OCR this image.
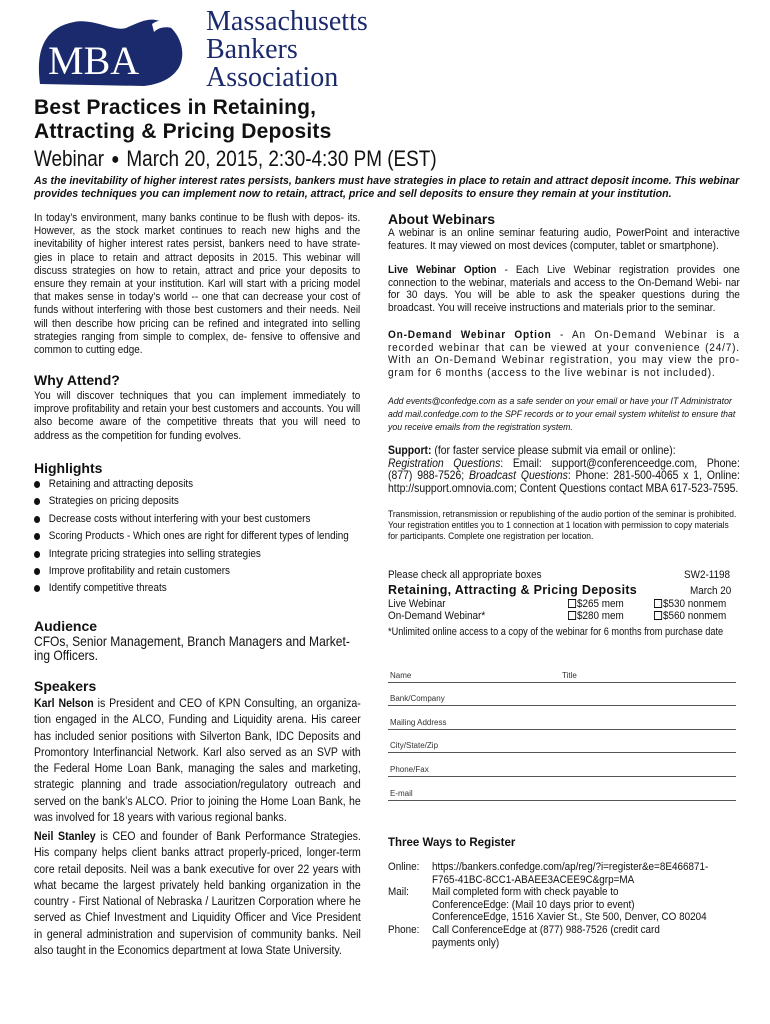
MBA
Massachusetts
Bankers
Association
Best Practices in Retaining,
Attracting & Pricing Deposits
Webinar ● March 20, 2015, 2:30-4:30 PM (EST)
As the inevitability of higher interest rates persists, bankers must have strategies in place to retain and attract deposit income. This webinar provides techniques you can implement now to retain, attract, price and sell deposits to ensure they remain at your institution.
In today’s environment, many banks continue to be flush with depos- its. However, as the stock market continues to reach new highs and the inevitability of higher interest rates persist, bankers need to have strate- gies in place to retain and attract deposits in 2015. This webinar will discuss strategies on how to retain, attract and price your deposits to ensure they remain at your institution. Karl will start with a pricing model that makes sense in today’s world -- one that can decrease your cost of funds without interfering with those best customers and their needs. Neil will then describe how pricing can be refined and integrated into selling strategies ranging from simple to complex, de- fensive to offensive and common to cutting edge.
Why Attend?
You will discover techniques that you can implement immediately to improve profitability and retain your best customers and accounts. You will also become aware of the competitive threats that you will need to address as the competition for funding evolves.
Highlights
Retaining and attracting deposits
Strategies on pricing deposits
Decrease costs without interfering with your best customers
Scoring Products - Which ones are right for different types of lending
Integrate pricing strategies into selling strategies
Improve profitability and retain customers
Identify competitive threats
Audience
CFOs, Senior Management, Branch Managers and Market- ing Officers.
Speakers
Karl Nelson is President and CEO of KPN Consulting, an organiza- tion engaged in the ALCO, Funding and Liquidity arena. His career has included senior positions with Silverton Bank, IDC Deposits and Promontory Interfinancial Network. Karl also served as an SVP with the Federal Home Loan Bank, managing the sales and marketing, strategic planning and trade association/regulatory outreach and served on the bank’s ALCO. Prior to joining the Home Loan Bank, he was involved for 18 years with various regional banks.
Neil Stanley is CEO and founder of Bank Performance Strategies. His company helps client banks attract properly-priced, longer-term core retail deposits. Neil was a bank executive for over 22 years with what became the largest privately held banking organization in the country - First National of Nebraska / Lauritzen Corporation where he served as Chief Investment and Liquidity Officer and Vice President in general administration and supervision of community banks. Neil also taught in the Economics department at Iowa State University.
About Webinars
A webinar is an online seminar featuring audio, PowerPoint and interactive features. It may viewed on most devices (computer, tablet or smartphone).
Live Webinar Option - Each Live Webinar registration provides one connection to the webinar, materials and access to the On-Demand Webi- nar for 30 days. You will be able to ask the speaker questions during the broadcast. You will receive instructions and materials prior to the seminar.
On-Demand Webinar Option - An On-Demand Webinar is a recorded webinar that can be viewed at your convenience (24/7). With an On-Demand Webinar registration, you may view the pro- gram for 6 months (access to the live webinar is not included).
Add events@confedge.com as a safe sender on your email or have your IT Administrator add mail.confedge.com to the SPF records or to your email system whitelist to ensure that you receive emails from the registration system.
Support: (for faster service please submit via email or online):
Registration Questions: Email: support@conferenceedge.com, Phone: (877) 988-7526; Broadcast Questions: Phone: 281-500-4065 x 1, Online: http://support.omnovia.com; Content Questions contact MBA 617-523-7595.
Transmission, retransmission or republishing of the audio portion of the seminar is prohibited. Your registration entitles you to 1 connection at 1 location with permission to copy materials for participants. Complete one registration per location.
Please check all appropriate boxes	SW2-1198
Retaining, Attracting & Pricing Deposits	March 20
Live Webinar	$265 mem	$530 nonmem
On-Demand Webinar*	$280 mem	$560 nonmem
*Unlimited online access to a copy of the webinar for 6 months from purchase date
Name	Title
Bank/Company
Mailing Address
City/State/Zip
Phone/Fax
E-mail
Three Ways to Register
Online: https://bankers.confedge.com/ap/reg/?i=register&e=8E466871-
F765-41BC-8CC1-ABAEE3ACEE9C&grp=MA
Mail: Mail completed form with check payable to
ConferenceEdge: (Mail 10 days prior to event)
ConferenceEdge, 1516 Xavier St., Ste 500, Denver, CO 80204
Phone: Call ConferenceEdge at (877) 988-7526 (credit card
payments only)
